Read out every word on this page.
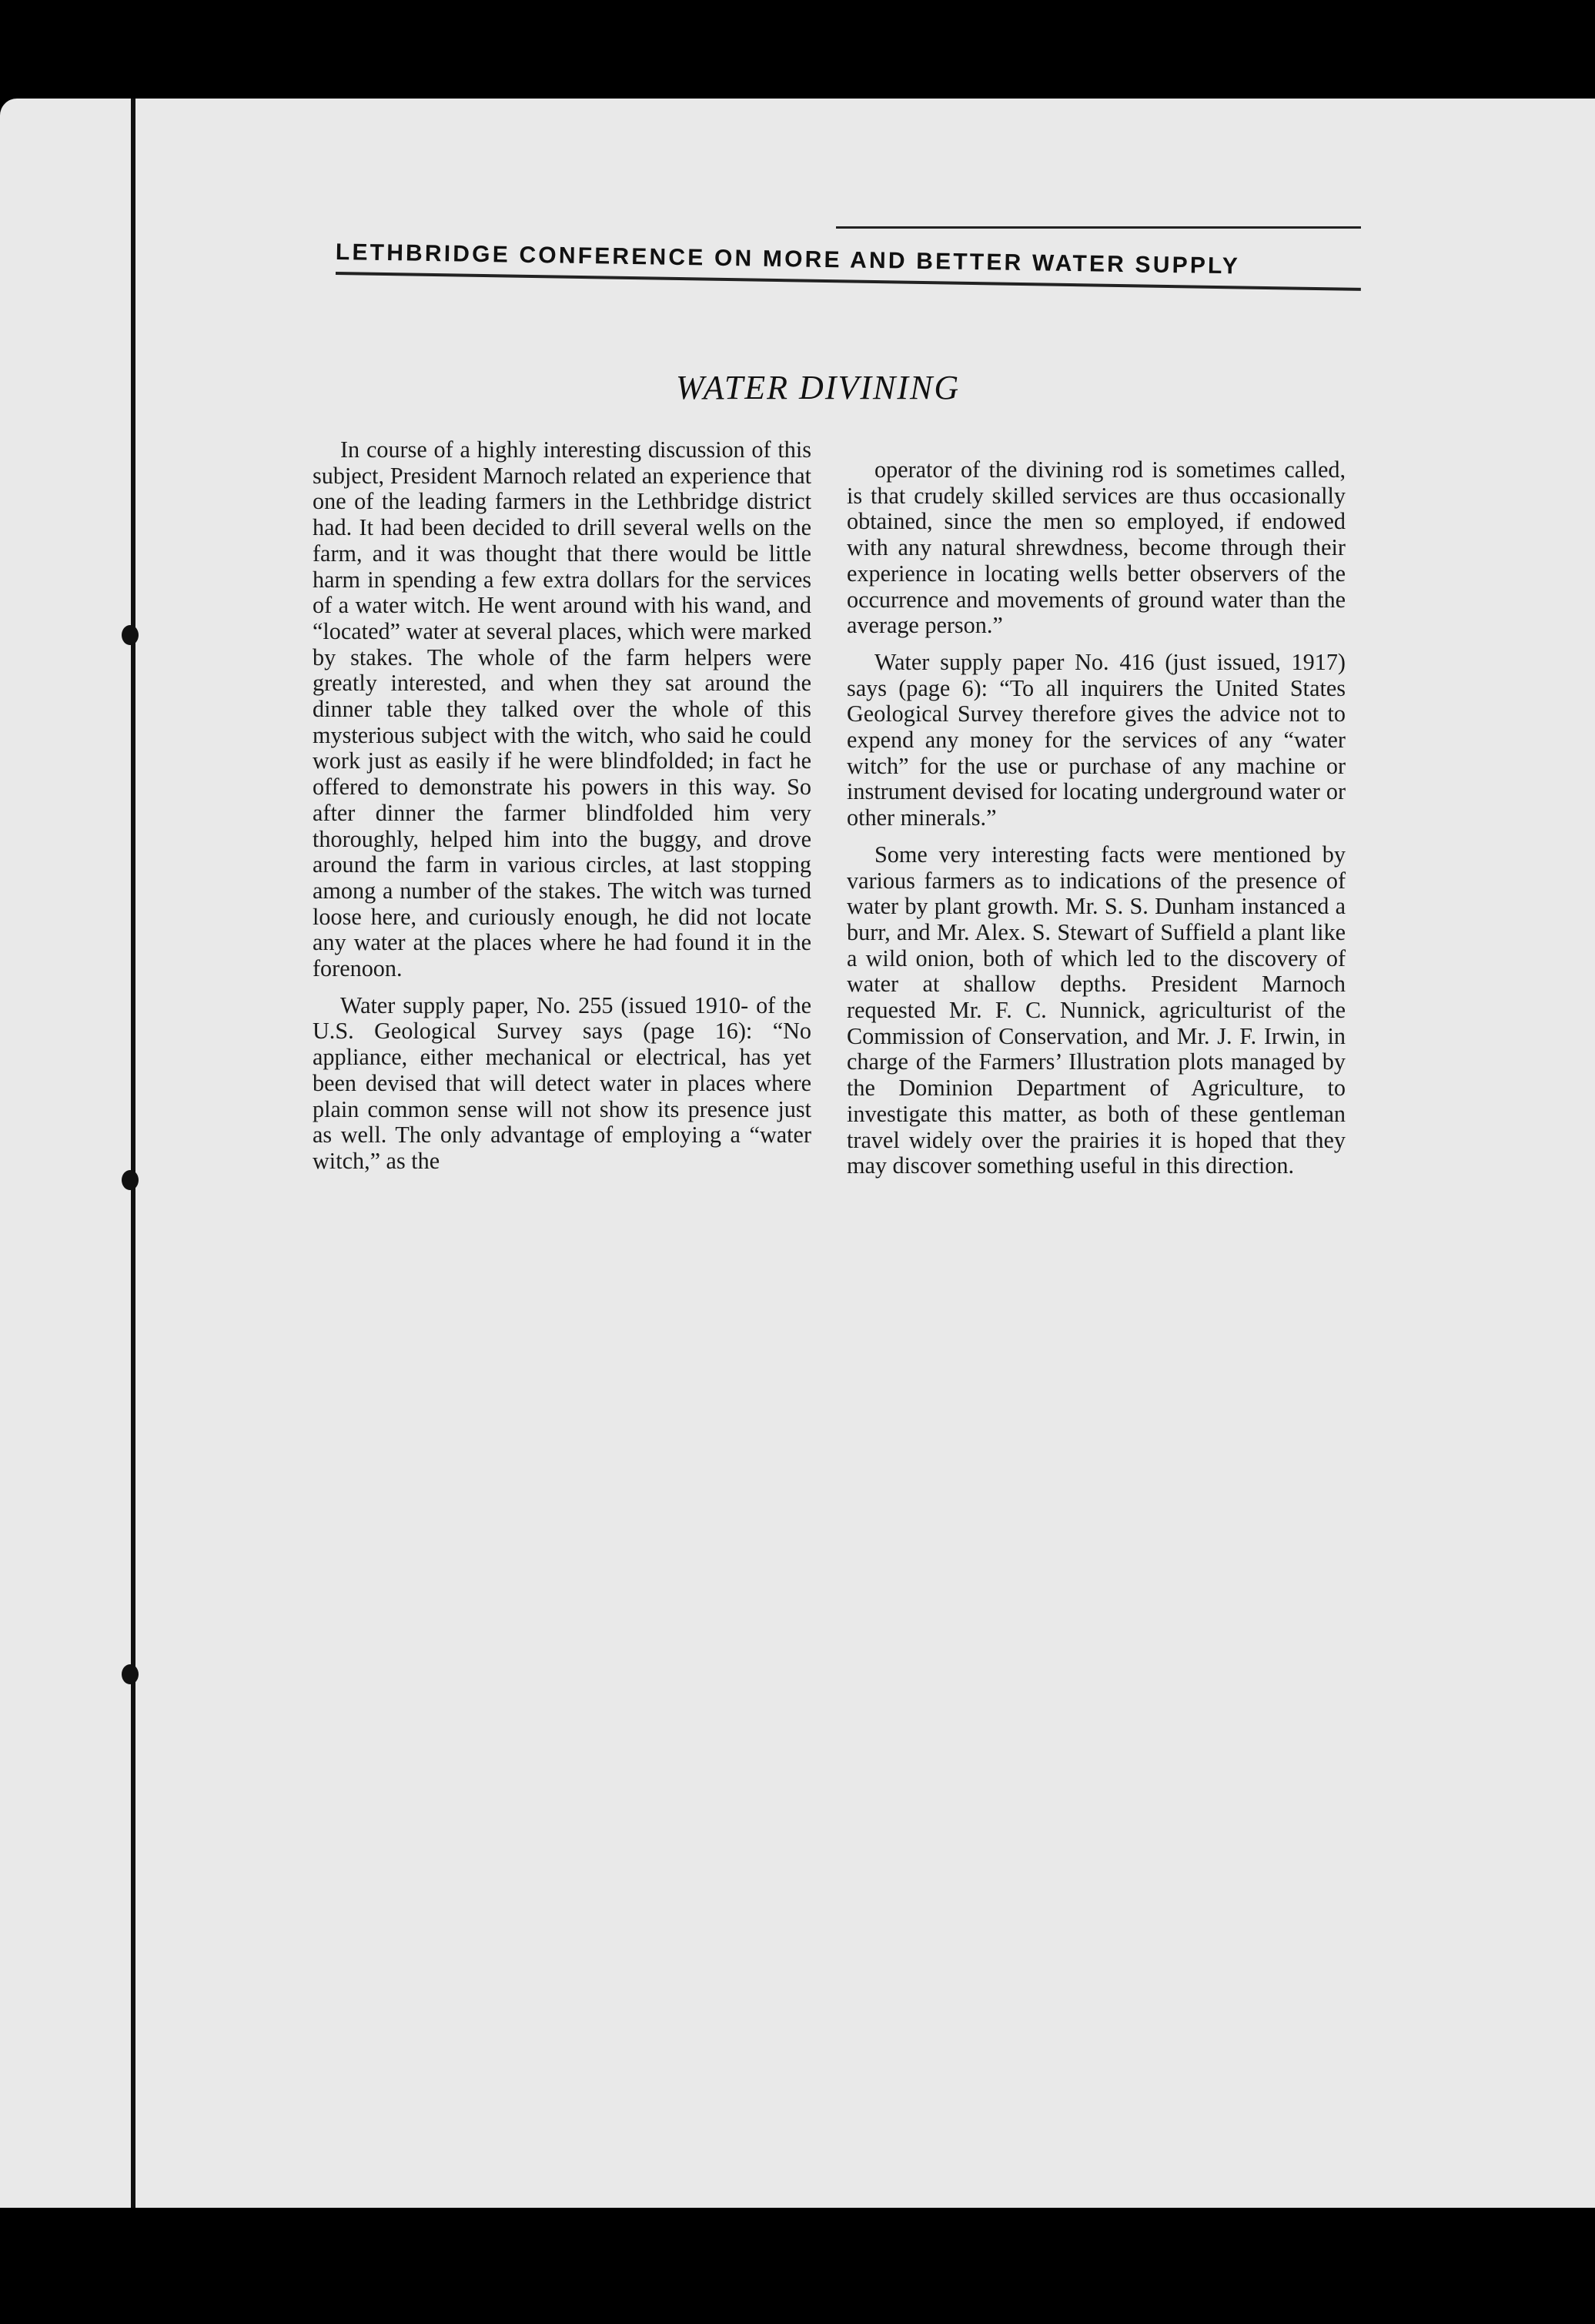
LETHBRIDGE CONFERENCE ON MORE AND BETTER WATER SUPPLY
WATER DIVINING

In course of a highly interesting discussion of this subject, President Marnoch related an experience that one of the leading farmers in the Lethbridge district had. It had been decided to drill several wells on the farm, and it was thought that there would be little harm in spending a few extra dollars for the services of a water witch. He went around with his wand, and “located” water at several places, which were marked by stakes. The whole of the farm helpers were greatly interested, and when they sat around the dinner table they talked over the whole of this mysterious subject with the witch, who said he could work just as easily if he were blindfolded; in fact he offered to demonstrate his powers in this way. So after dinner the farmer blindfolded him very thoroughly, helped him into the buggy, and drove around the farm in various circles, at last stopping among a number of the stakes. The witch was turned loose here, and curiously enough, he did not locate any water at the places where he had found it in the forenoon.

Water supply paper, No. 255 (issued 1910- of the U.S. Geological Survey says (page 16): “No appliance, either mechanical or electrical, has yet been devised that will detect water in places where plain common sense will not show its presence just as well. The only advantage of employing a “water witch,” as the

operator of the divining rod is sometimes called, is that crudely skilled services are thus occasionally obtained, since the men so employed, if endowed with any natural shrewdness, become through their experience in locating wells better observers of the occurrence and movements of ground water than the average person.”

Water supply paper No. 416 (just issued, 1917) says (page 6): “To all inquirers the United States Geological Survey therefore gives the advice not to expend any money for the services of any “water witch” for the use or purchase of any machine or instrument devised for locating underground water or other minerals.”

Some very interesting facts were mentioned by various farmers as to indications of the presence of water by plant growth. Mr. S. S. Dunham instanced a burr, and Mr. Alex. S. Stewart of Suffield a plant like a wild onion, both of which led to the discovery of water at shallow depths. President Marnoch requested Mr. F. C. Nunnick, agriculturist of the Commission of Conservation, and Mr. J. F. Irwin, in charge of the Farmers’ Illustration plots managed by the Dominion Department of Agriculture, to investigate this matter, as both of these gentleman travel widely over the prairies it is hoped that they may discover something useful in this direction.
